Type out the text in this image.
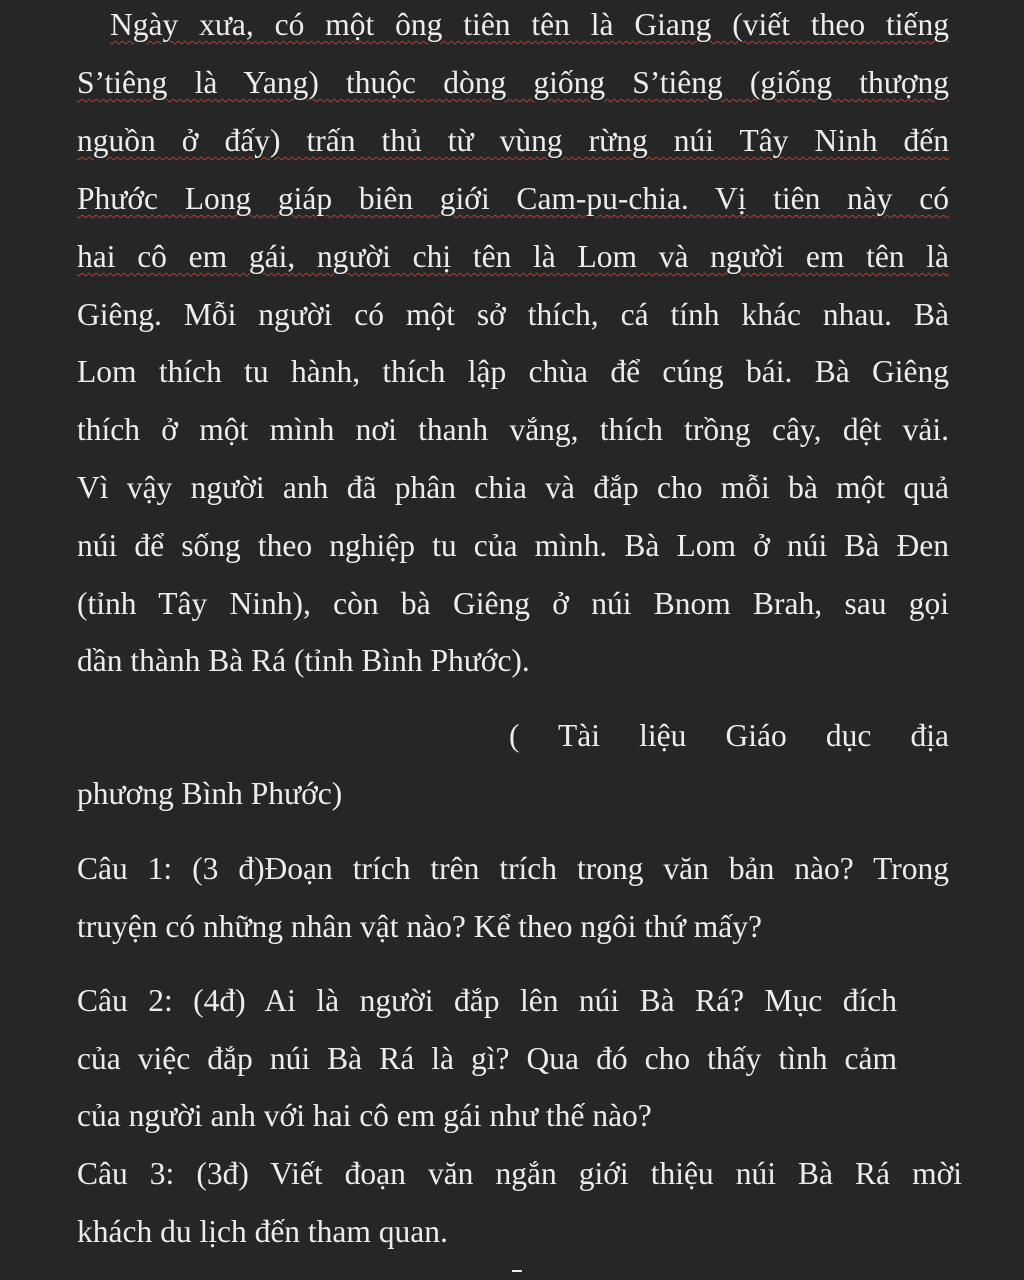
Ngày xưa, có một ông tiên tên là Giang (viết theo tiếng
S’tiêng là Yang) thuộc dòng giống S’tiêng (giống thượng
nguồn ở đấy) trấn thủ từ vùng rừng núi Tây Ninh đến
Phước Long giáp biên giới Cam-pu-chia. Vị tiên này có
hai cô em gái, người chị tên là Lom và người em tên là
Giêng. Mỗi người có một sở thích, cá tính khác nhau. Bà
Lom thích tu hành, thích lập chùa để cúng bái. Bà Giêng
thích ở một mình nơi thanh vắng, thích trồng cây, dệt vải.
Vì vậy người anh đã phân chia và đắp cho mỗi bà một quả
núi để sống theo nghiệp tu của mình. Bà Lom ở núi Bà Đen
(tỉnh Tây Ninh), còn bà Giêng ở núi Bnom Brah, sau gọi
dần thành Bà Rá (tỉnh Bình Phước).
( Tài liệu Giáo dục địa
phương Bình Phước)
Câu 1: (3 đ)Đoạn trích trên trích trong văn bản nào? Trong
truyện có những nhân vật nào? Kể theo ngôi thứ mấy?
Câu 2: (4đ) Ai là người đắp lên núi Bà Rá? Mục đích
của việc đắp núi Bà Rá là gì? Qua đó cho thấy tình cảm
của người anh với hai cô em gái như thế nào?
Câu 3: (3đ) Viết đoạn văn ngắn giới thiệu núi Bà Rá mời
khách du lịch đến tham quan.
